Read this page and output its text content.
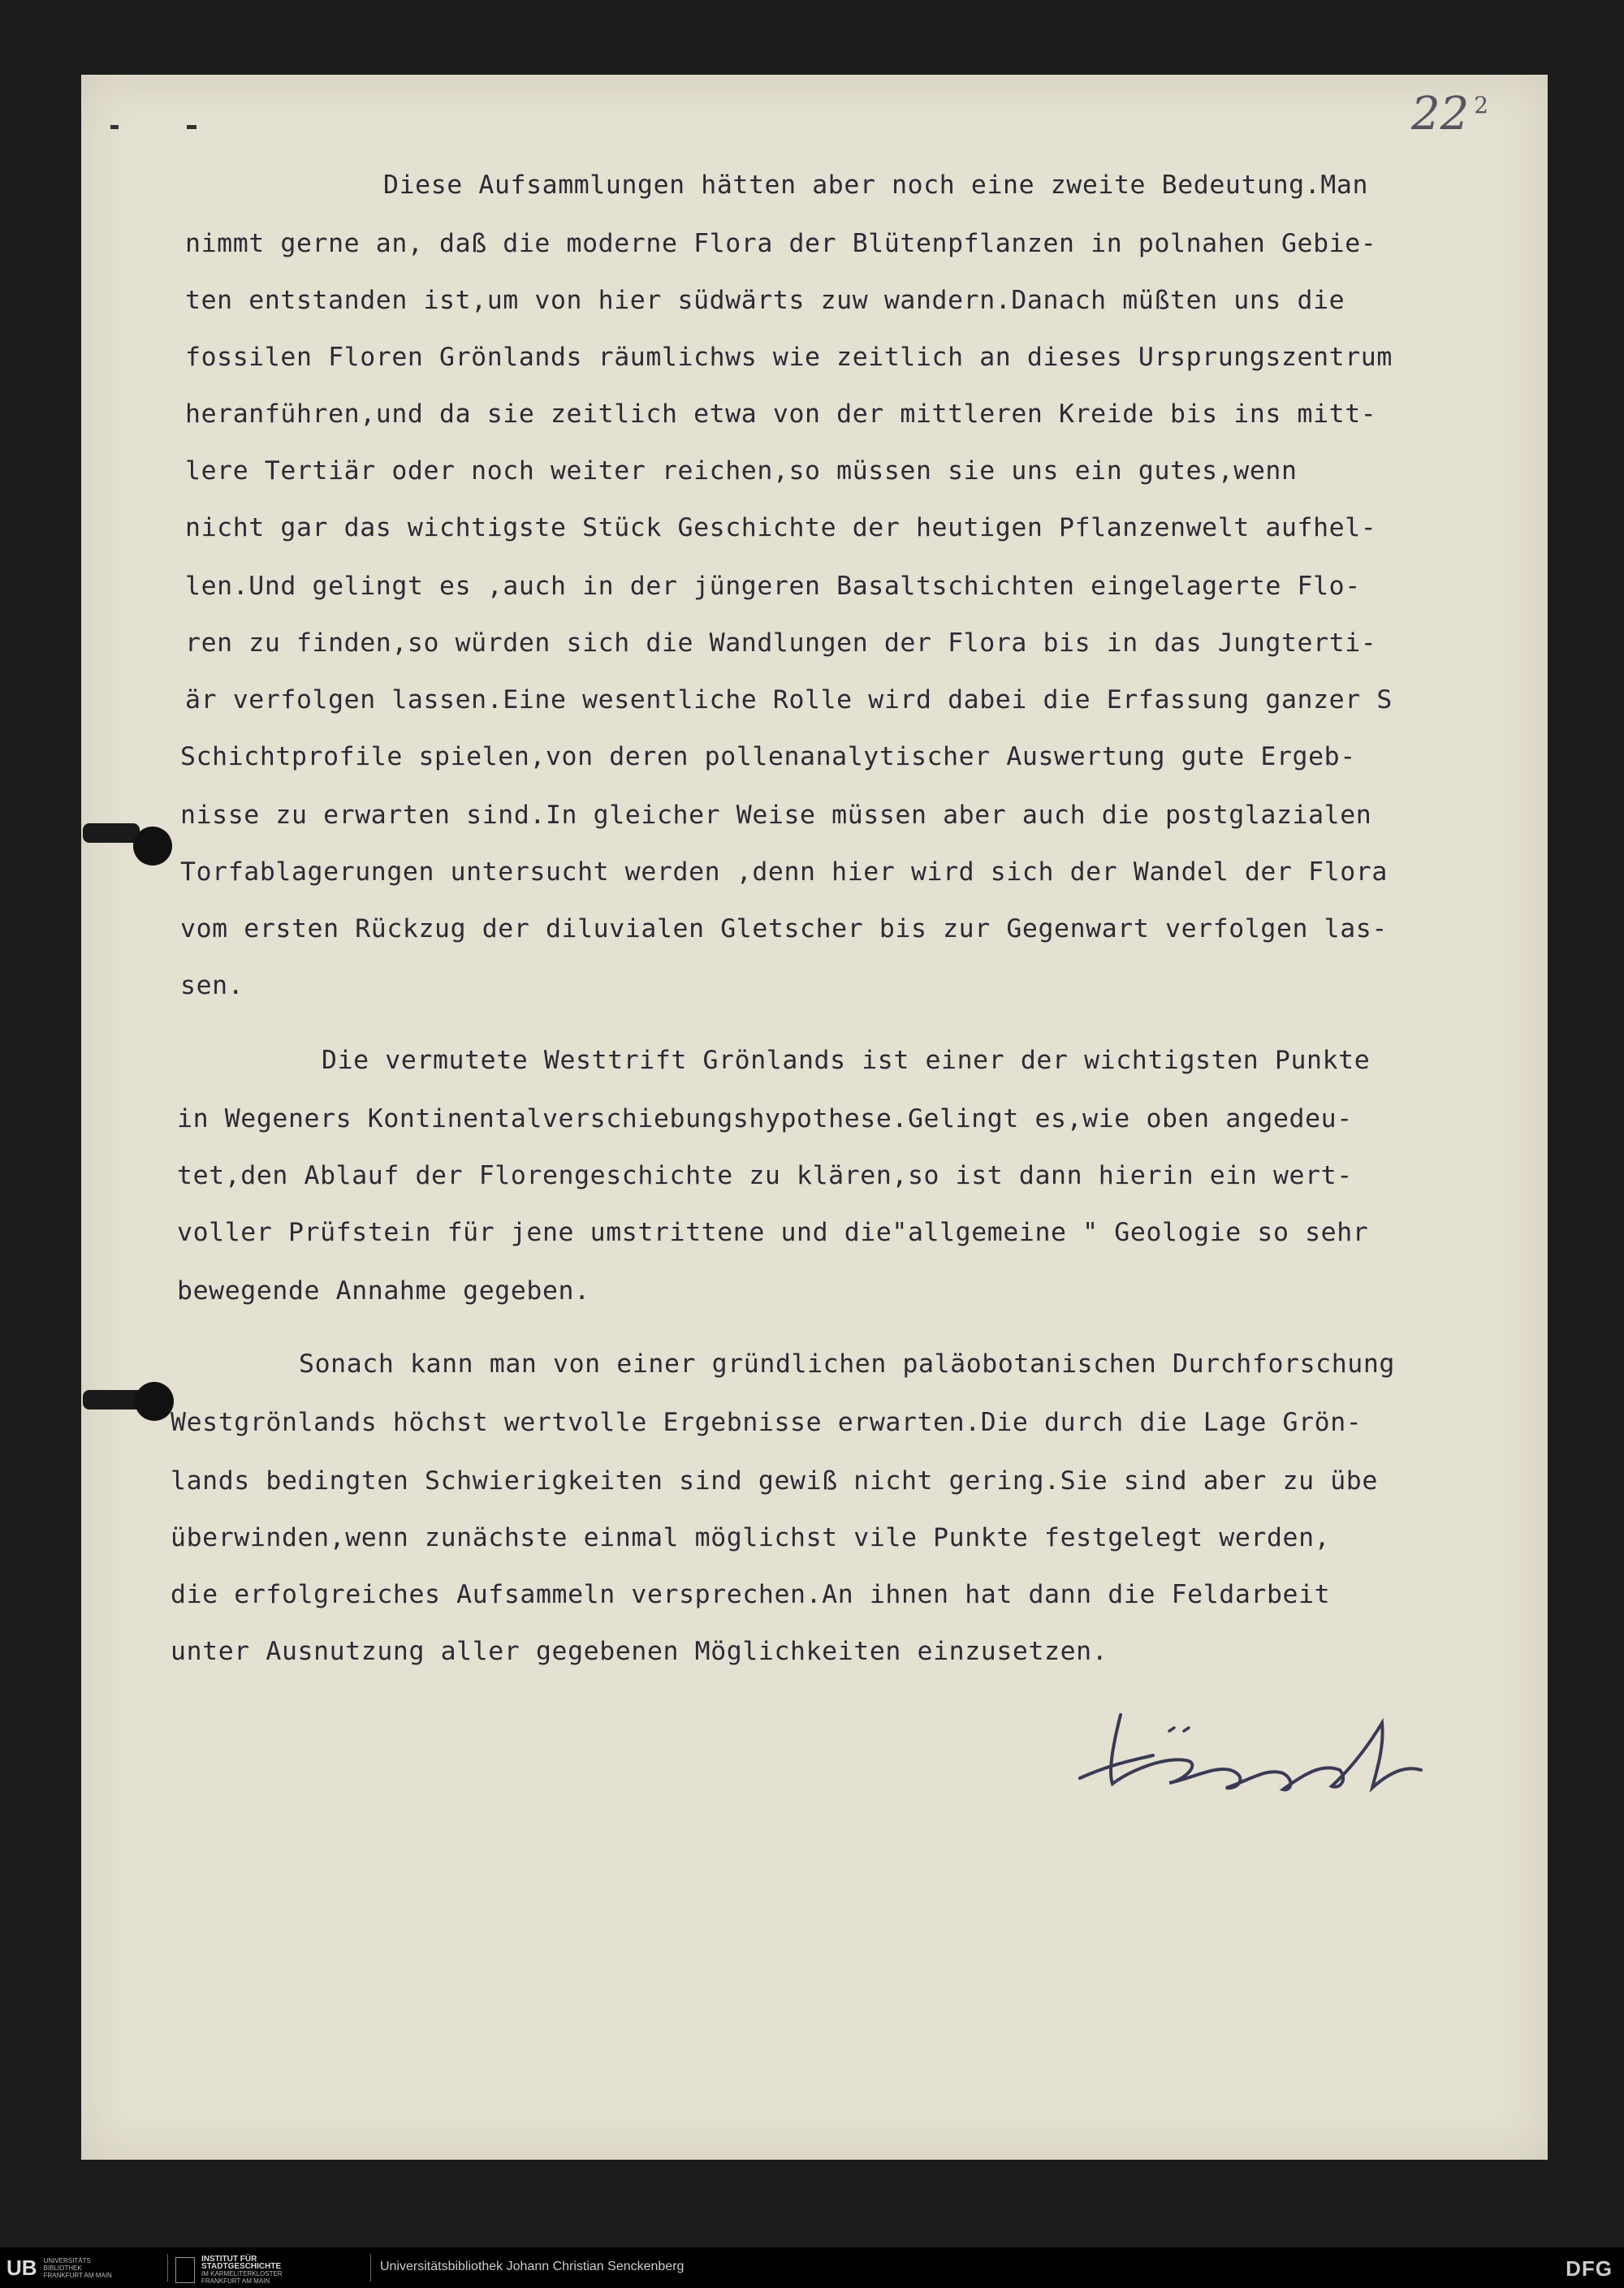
22 $^2$
Diese Aufsammlungen hätten aber noch eine zweite Bedeutung.Man
nimmt gerne an, daß die moderne Flora der Blütenpflanzen in polnahen Gebie-
ten entstanden ist,um von hier südwärts zuw wandern.Danach müßten uns die
fossilen Floren Grönlands räumlichws wie zeitlich an dieses Ursprungszentrum
heranführen,und da sie zeitlich etwa von der mittleren Kreide bis ins mitt-
lere Tertiär oder noch weiter reichen,so müssen sie uns ein gutes,wenn
nicht gar das wichtigste Stück Geschichte der heutigen Pflanzenwelt aufhel-
len.Und gelingt es ,auch in der jüngeren Basaltschichten eingelagerte Flo-
ren zu finden,so würden sich die Wandlungen der Flora bis in das Jungterti-
är verfolgen lassen.Eine wesentliche Rolle wird dabei die Erfassung ganzer S
Schichtprofile spielen,von deren pollenanalytischer Auswertung gute Ergeb-
nisse zu erwarten sind.In gleicher Weise müssen aber auch die postglazialen
Torfablagerungen untersucht werden ,denn hier wird sich der Wandel der Flora
vom ersten Rückzug der diluvialen Gletscher bis zur Gegenwart verfolgen las-
sen.
Die vermutete Westtrift Grönlands ist einer der wichtigsten Punkte
in Wegeners Kontinentalverschiebungshypothese.Gelingt es,wie oben angedeu-
tet,den Ablauf der Florengeschichte zu klären,so ist dann hierin ein wert-
voller Prüfstein für jene umstrittene und die"allgemeine " Geologie so sehr
bewegende Annahme gegeben.
Sonach kann man von einer gründlichen paläobotanischen Durchforschung
Westgrönlands höchst wertvolle Ergebnisse erwarten.Die durch die Lage Grön-
lands bedingten Schwierigkeiten sind gewiß nicht gering.Sie sind aber zu übe
überwinden,wenn zunächste einmal möglichst vile Punkte festgelegt werden,
die erfolgreiches Aufsammeln versprechen.An ihnen hat dann die Feldarbeit
unter Ausnutzung aller gegebenen Möglichkeiten einzusetzen.
UB UNIVERSITÄTS
BIBLIOTHEK
FRANKFURT AM MAIN
INSTITUT FÜR
STADTGESCHICHTE
IM KARMELITERKLOSTER
FRANKFURT AM MAIN
Universitätsbibliothek Johann Christian Senckenberg	DFG
